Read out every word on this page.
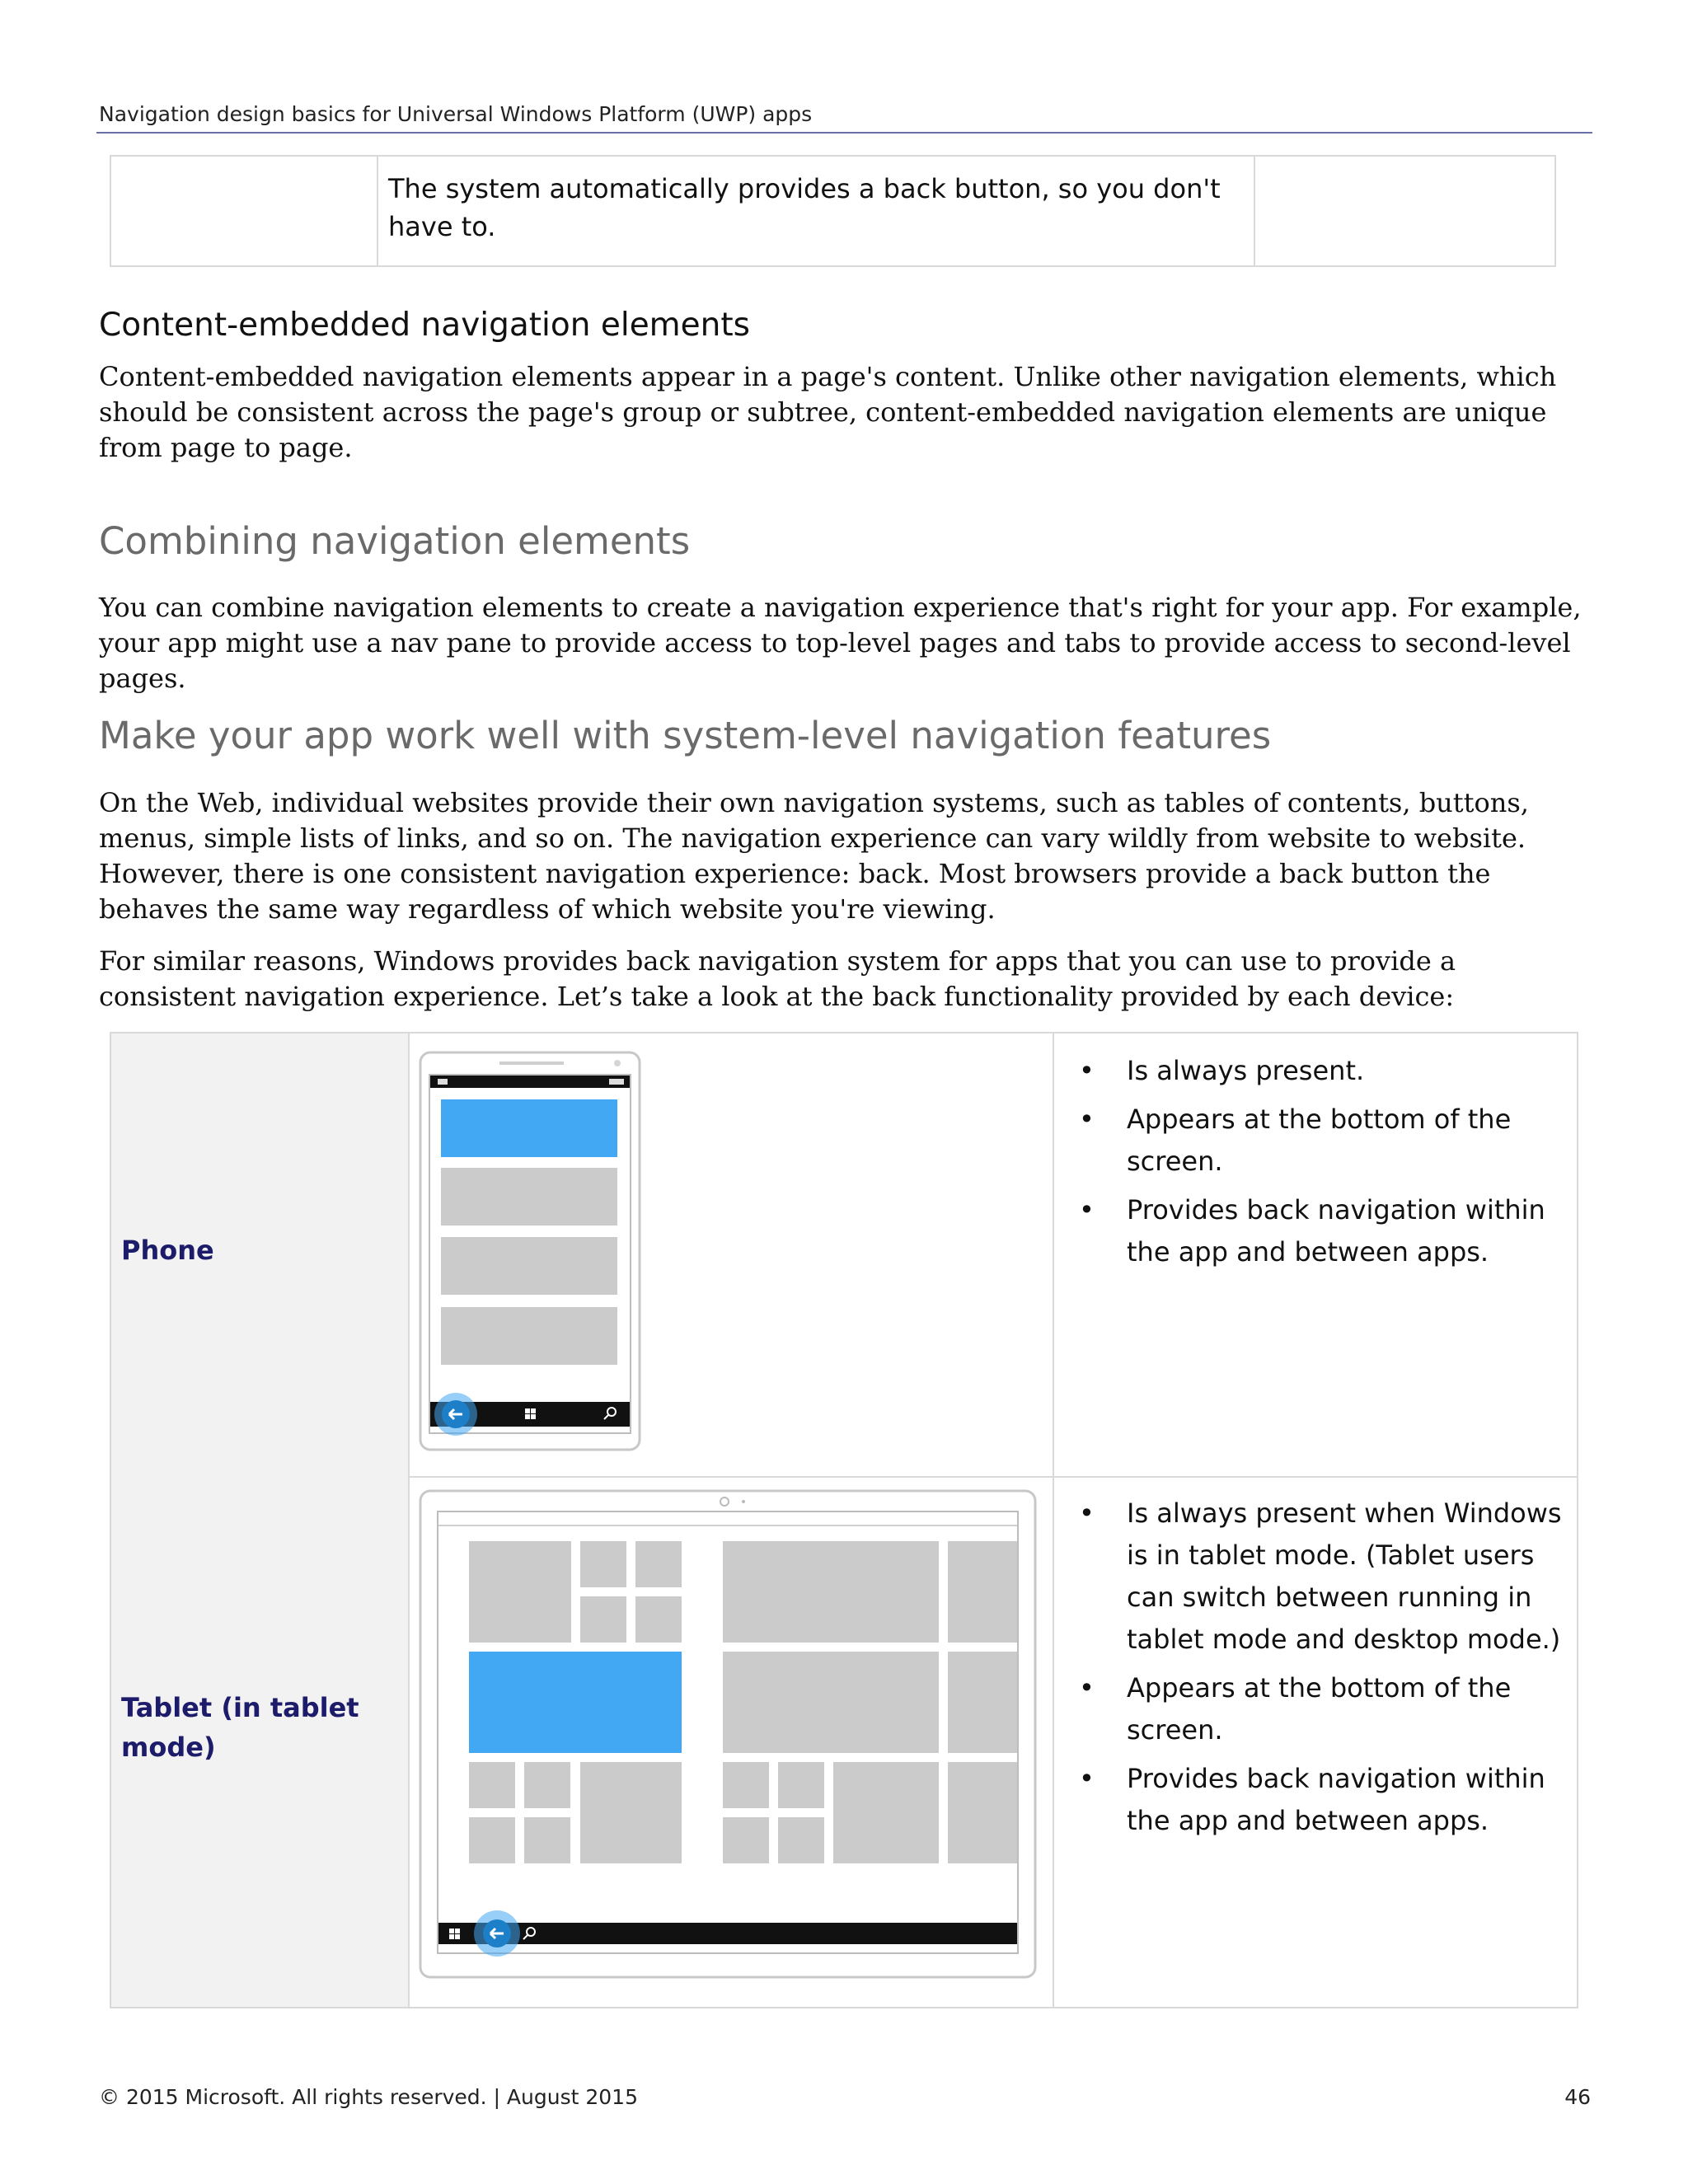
Navigation design basics for Universal Windows Platform (UWP) apps

The system automatically provides a back button, so you don't have to.

Content-embedded navigation elements

Content-embedded navigation elements appear in a page's content. Unlike other navigation elements, which should be consistent across the page's group or subtree, content-embedded navigation elements are unique from page to page.

Combining navigation elements

You can combine navigation elements to create a navigation experience that's right for your app. For example, your app might use a nav pane to provide access to top-level pages and tabs to provide access to second-level pages.

Make your app work well with system-level navigation features

On the Web, individual websites provide their own navigation systems, such as tables of contents, buttons, menus, simple lists of links, and so on. The navigation experience can vary wildly from website to website. However, there is one consistent navigation experience: back. Most browsers provide a back button the behaves the same way regardless of which website you're viewing.

For similar reasons, Windows provides back navigation system for apps that you can use to provide a consistent navigation experience. Let’s take a look at the back functionality provided by each device:

Phone
• Is always present.
• Appears at the bottom of the screen.
• Provides back navigation within the app and between apps.
Tablet (in tablet mode)
• Is always present when Windows is in tablet mode. (Tablet users can switch between running in tablet mode and desktop mode.)
• Appears at the bottom of the screen.
• Provides back navigation within the app and between apps.
© 2015 Microsoft. All rights reserved. | August 2015	46
